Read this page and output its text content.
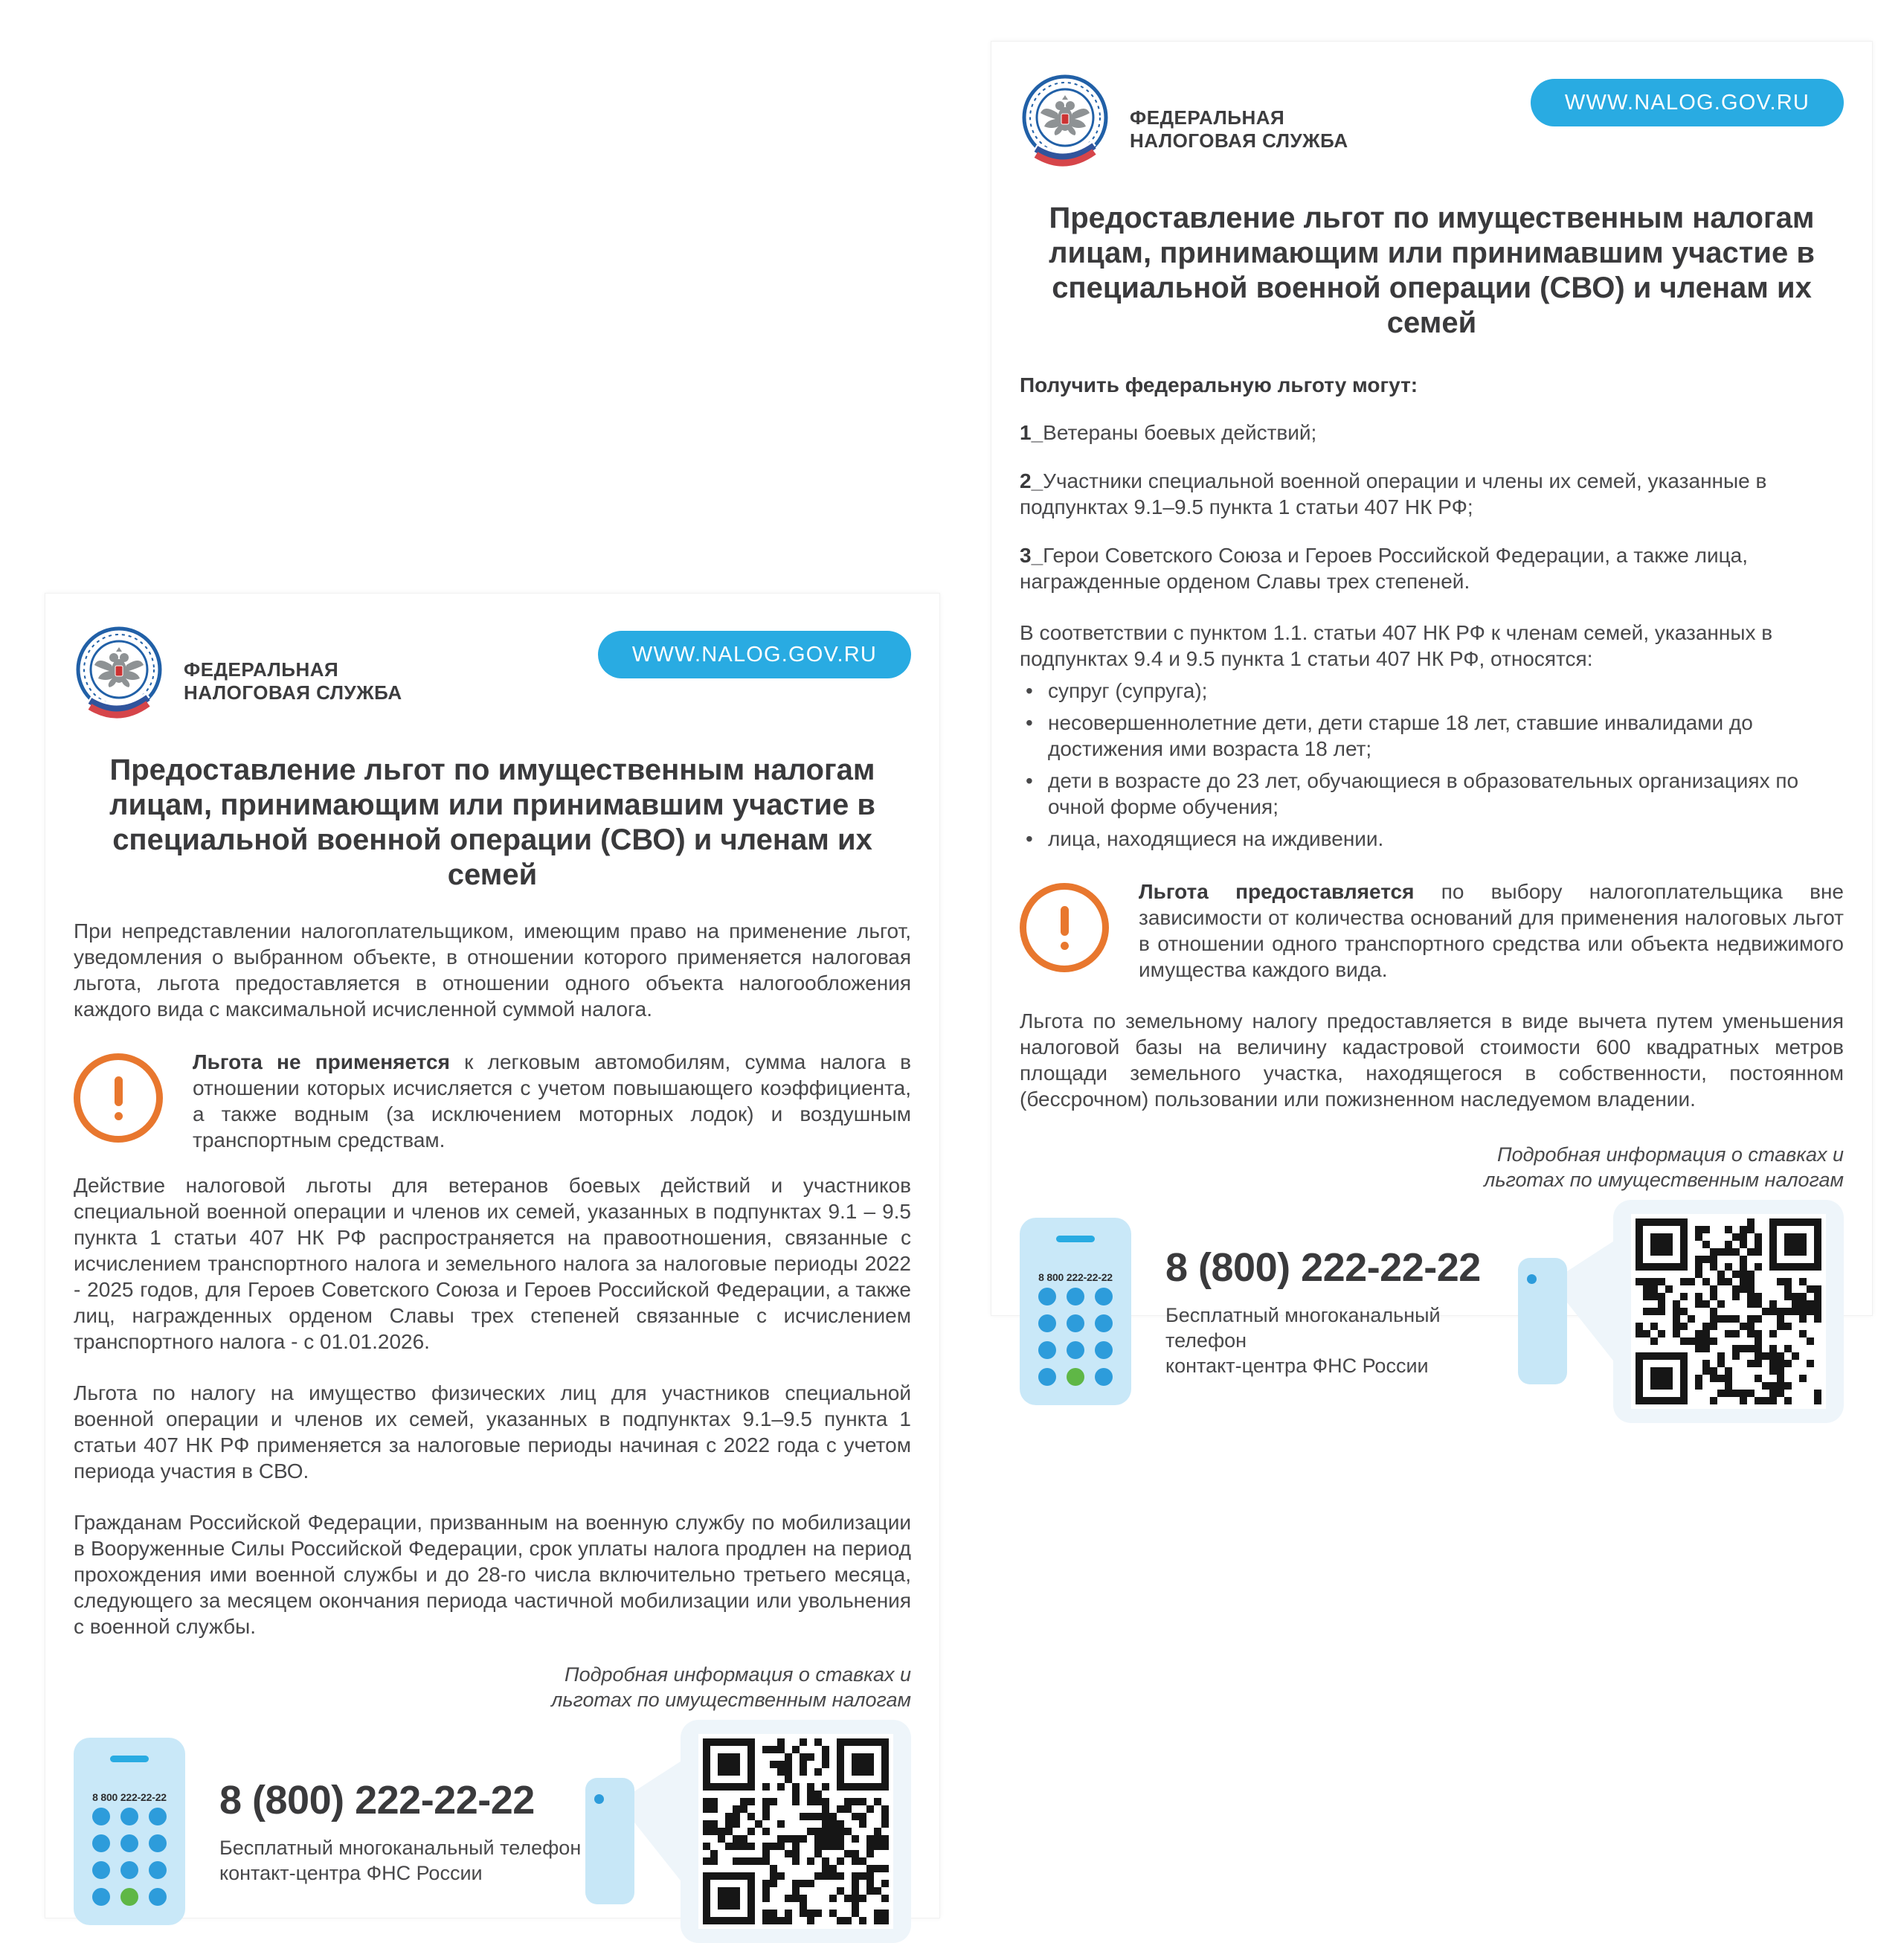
ФЕДЕРАЛЬНАЯ
НАЛОГОВАЯ СЛУЖБА
WWW.NALOG.GOV.RU
Предоставление льгот по имущественным налогам
лицам, принимающим или принимавшим участие в
специальной военной операции (СВО) и членам их семей
Получить федеральную льготу могут:
1_Ветераны боевых действий;
2_Участники специальной военной операции и члены их семей, указанные в подпунктах 9.1–9.5 пункта 1 статьи 407 НК РФ;
3_Герои Советского Союза и Героев Российской Федерации, а также лица, награжденные орденом Славы трех степеней.
В соответствии с пунктом 1.1. статьи 407 НК РФ к членам семей, указанных в подпунктах 9.4 и 9.5 пункта 1 статьи 407 НК РФ, относятся:
• супруг (супруга);
• несовершеннолетние дети, дети старше 18 лет, ставшие инвалидами до достижения ими возраста 18 лет;
• дети в возрасте до 23 лет, обучающиеся в образовательных организациях по очной форме обучения;
• лица, находящиеся на иждивении.

Льгота предоставляется по выбору налогоплательщика вне зависимости от количества оснований для применения налоговых льгот в отношении одного транспортного средства или объекта недвижимого имущества каждого вида.

Льгота по земельному налогу предоставляется в виде вычета путем уменьшения налоговой базы на величину кадастровой стоимости 600 квадратных метров площади земельного участка, находящегося в собственности, постоянном (бессрочном) пользовании или пожизненном наследуемом владении.

Подробная информация о ставках и
льготах по имущественным налогам
8 800 222-22-22	8 (800) 222-22-22
Бесплатный многоканальный телефон
контакт-центра ФНС России
ФЕДЕРАЛЬНАЯ
НАЛОГОВАЯ СЛУЖБА
WWW.NALOG.GOV.RU
Предоставление льгот по имущественным налогам
лицам, принимающим или принимавшим участие в
специальной военной операции (СВО) и членам их семей

При непредставлении налогоплательщиком, имеющим право на применение льгот, уведомления о выбранном объекте, в отношении которого применяется налоговая льгота, льгота предоставляется в отношении одного объекта налогообложения каждого вида с максимальной исчисленной суммой налога.

Льгота не применяется к легковым автомобилям, сумма налога в отношении которых исчисляется с учетом повышающего коэффициента, а также водным (за исключением моторных лодок) и воздушным транспортным средствам.

Действие налоговой льготы для ветеранов боевых действий и участников специальной военной операции и членов их семей, указанных в подпунктах 9.1 – 9.5 пункта 1 статьи 407 НК РФ распространяется на правоотношения, связанные с исчислением транспортного налога и земельного налога за налоговые периоды 2022 - 2025 годов, для Героев Советского Союза и Героев Российской Федерации, а также лиц, награжденных орденом Славы трех степеней связанные с исчислением транспортного налога - с 01.01.2026.

Льгота по налогу на имущество физических лиц для участников специальной военной операции и членов их семей, указанных в подпунктах 9.1–9.5 пункта 1 статьи 407 НК РФ применяется за налоговые периоды начиная с 2022 года с учетом периода участия в СВО.

Гражданам Российской Федерации, призванным на военную службу по мобилизации в Вооруженные Силы Российской Федерации, срок уплаты налога продлен на период прохождения ими военной службы и до 28-го числа включительно третьего месяца, следующего за месяцем окончания периода частичной мобилизации или увольнения с военной службы.

Подробная информация о ставках и
льготах по имущественным налогам
8 800 222-22-22	8 (800) 222-22-22
Бесплатный многоканальный телефон
контакт-центра ФНС России
